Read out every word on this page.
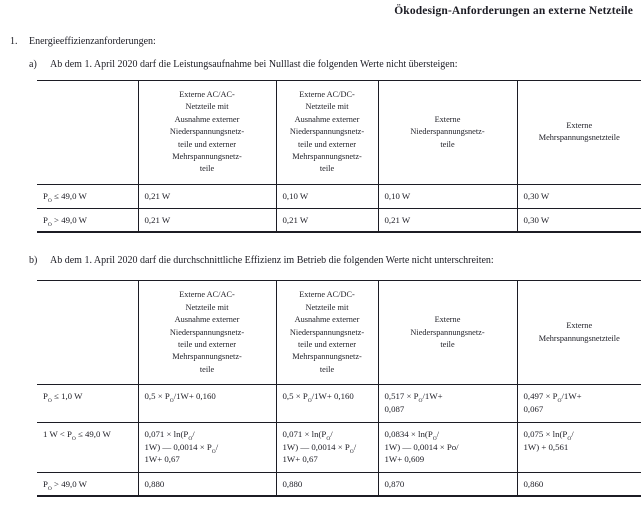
Ökodesign-Anforderungen an externe Netzteile
1. Energieeffizienzanforderungen:
a) Ab dem 1. April 2020 darf die Leistungsaufnahme bei Nulllast die folgenden Werte nicht übersteigen:
	Externe AC/AC-
Netzteile mit
Ausnahme externer
Niederspannungsnetz-
teile und externer
Mehrspannungsnetz-
teile	Externe AC/DC-
Netzteile mit
Ausnahme externer
Niederspannungsnetz-
teile und externer
Mehrspannungsnetz-
teile	Externe
Niederspannungsnetz-
teile	Externe
Mehrspannungsnetzteile
$P_O \le 49,0$ W	0,21 W	0,10 W	0,10 W	0,30 W
$P_O > 49,0$ W	0,21 W	0,21 W	0,21 W	0,30 W
b) Ab dem 1. April 2020 darf die durchschnittliche Effizienz im Betrieb die folgenden Werte nicht unterschreiten:
	Externe AC/AC-
Netzteile mit
Ausnahme externer
Niederspannungsnetz-
teile und externer
Mehrspannungsnetz-
teile	Externe AC/DC-
Netzteile mit
Ausnahme externer
Niederspannungsnetz-
teile und externer
Mehrspannungsnetz-
teile	Externe
Niederspannungsnetz-
teile	Externe
Mehrspannungsnetzteile
$P_O \le 1,0$ W	$0,5 \times P_O/1W+ 0,160$	$0,5 \times P_O/1W+ 0,160$	$0,517 \times P_O/1W+$
0,087	$0,497 \times P_O/1W+$
0,067
1 $W < P_O \le 49,0$ W	$0,071 \times \ln(P_O/$
1W) — $0,0014 \times P_O/$
1W+ 0,67	$0,071 \times \ln(P_O/$
1W) — $0,0014 \times P_O/$
1W+ 0,67	$0,0834 \times \ln(P_O/$
1W) — 0,0014 × Po/
1W+ 0,609	$0,075 \times \ln(P_O/$
1W) + 0,561
$P_O > 49,0$ W	0,880	0,880	0,870	0,860
